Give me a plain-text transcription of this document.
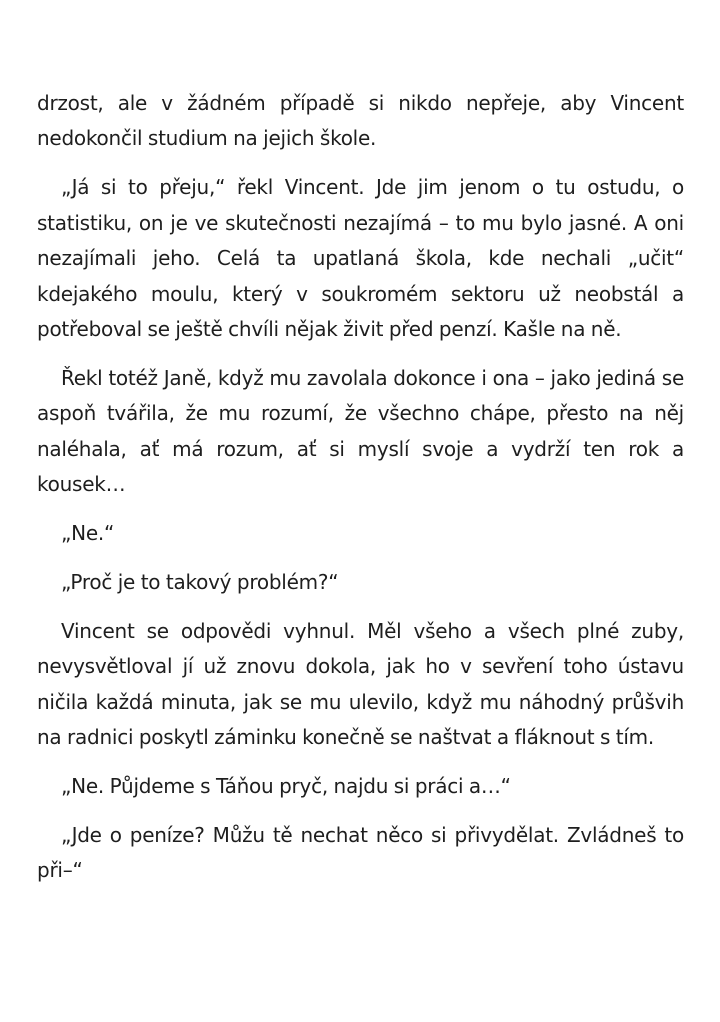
drzost, ale v žádném případě si nikdo nepřeje, aby Vincent nedokončil studium na jejich škole.

„Já si to přeju,“ řekl Vincent. Jde jim jenom o tu ostudu, o statistiku, on je ve skutečnosti nezajímá – to mu bylo jasné. A oni nezajímali jeho. Celá ta upatlaná škola, kde nechali „učit“ kdejakého moulu, který v soukromém sektoru už neobstál a potřeboval se ještě chvíli nějak živit před penzí. Kašle na ně.

Řekl totéž Janě, když mu zavolala dokonce i ona – jako jediná se aspoň tvářila, že mu rozumí, že všechno chápe, přesto na něj naléhala, ať má rozum, ať si myslí svoje a vydrží ten rok a kousek…

„Ne.“

„Proč je to takový problém?“

Vincent se odpovědi vyhnul. Měl všeho a všech plné zuby, nevysvětloval jí už znovu dokola, jak ho v sevření toho ústavu ničila každá minuta, jak se mu ulevilo, když mu náhodný průšvih na radnici poskytl záminku konečně se naštvat a fláknout s tím.

„Ne. Půjdeme s Táňou pryč, najdu si práci a…“

„Jde o peníze? Můžu tě nechat něco si přivydělat. Zvládneš to při–“
